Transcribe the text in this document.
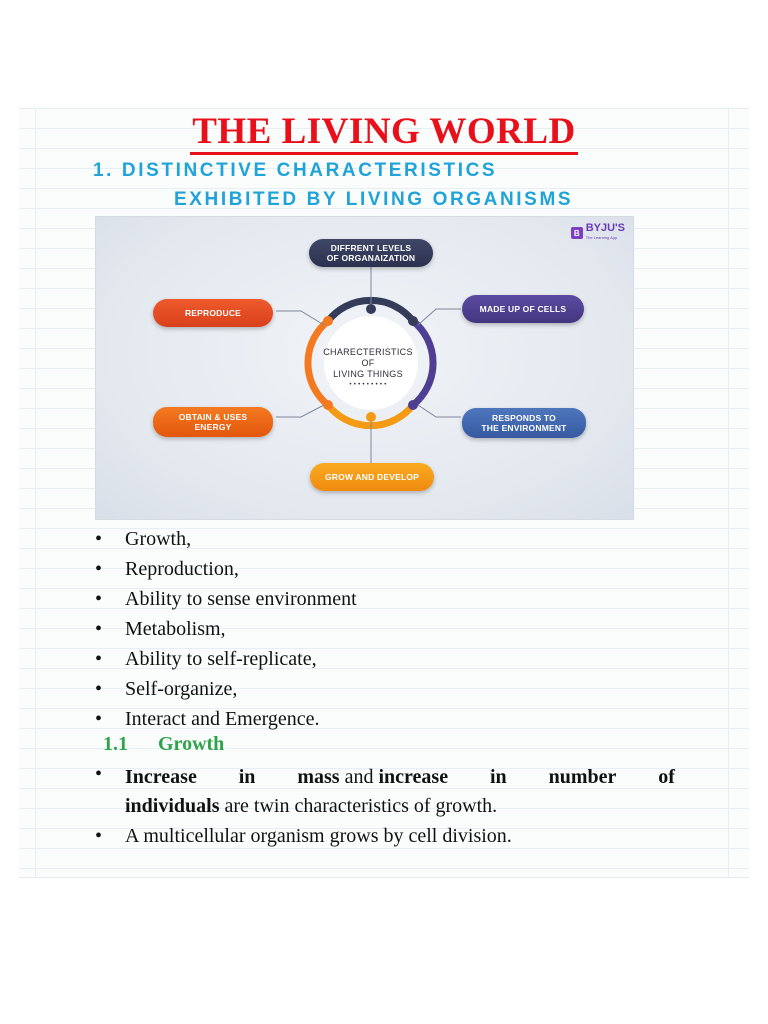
THE LIVING WORLD
1. DISTINCTIVE CHARACTERISTICS
EXHIBITED BY LIVING ORGANISMS
B BYJU'S
The Learning App
DIFFRENT LEVELS
OF ORGANAIZATION
MADE UP OF CELLS
RESPONDS TO
THE ENVIRONMENT
GROW AND DEVELOP
OBTAIN & USES
ENERGY
REPRODUCE
CHARECTERISTICS
OF
LIVING THINGS
• • • • • • • • •
• Growth,
• Reproduction,
• Ability to sense environment
• Metabolism,
• Ability to self-replicate,
• Self-organize,
• Interact and Emergence.
1.1 Growth
• Increase in mass and increase in number of
individuals are twin characteristics of growth.
• A multicellular organism grows by cell division.
